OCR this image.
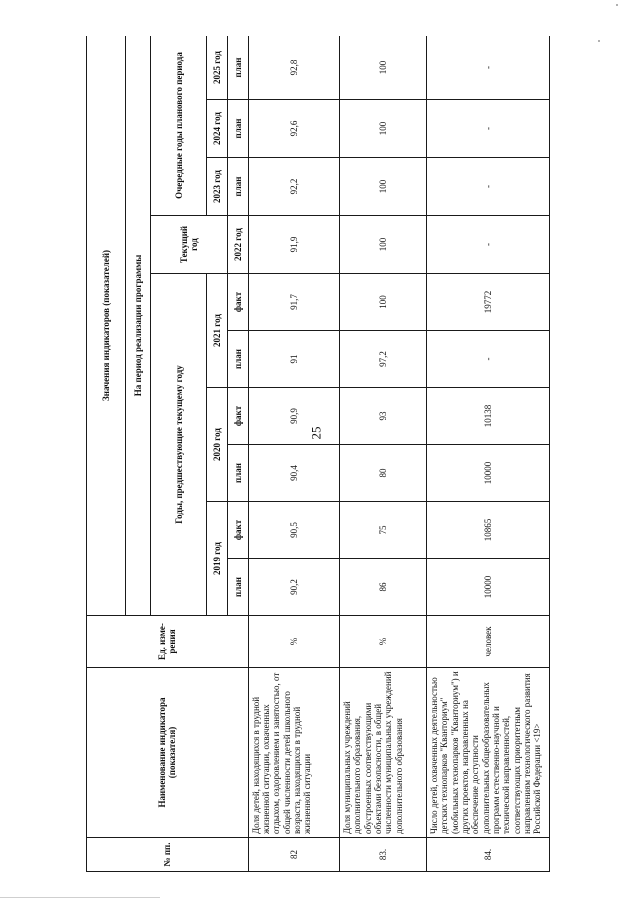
25
№ пп.	Наименование индикатора (показателя)	Ед. изме-рения	Значения индикаторов (показателей)									
			На период реализации программы									
			Годы, предшествующие текущему году						Текущий год	Очередные годы планового периода		
			2019 год		2020 год		2021 год			2023 год	2024 год	2025 год
			план	факт	план	факт	план	факт	2022 год	план	план	план
82	Доля детей, находящихся в трудной жизненной ситуации, охваченных отдыхом, оздоровлением и занятостью, от общей численности детей школьного возраста, находящихся в трудной жизненной ситуации	%	90,2	90,5	90,4	90,9	91	91,7	91,9	92,2	92,6	92,8
83.	Доля муниципальных учреждений дополнительного образования, обустроенных соответствующими объектами безопасности, в общей численности муниципальных учреждений дополнительного образования	%	86	75	80	93	97,2	100	100	100	100	100
84.	Число детей, охваченных деятельностью детских технопарков "Кванториум" (мобильных технопарков "Кванториум") и других проектов, направленных на обеспечение доступности дополнительных общеобразовательных программ естественно-научной и технической направленностей, соответствующих приоритетным направлениям технологического развития Российской Федерации <19>	человек	10000	10865	10000	10138	-	19772	-	-	-	-
